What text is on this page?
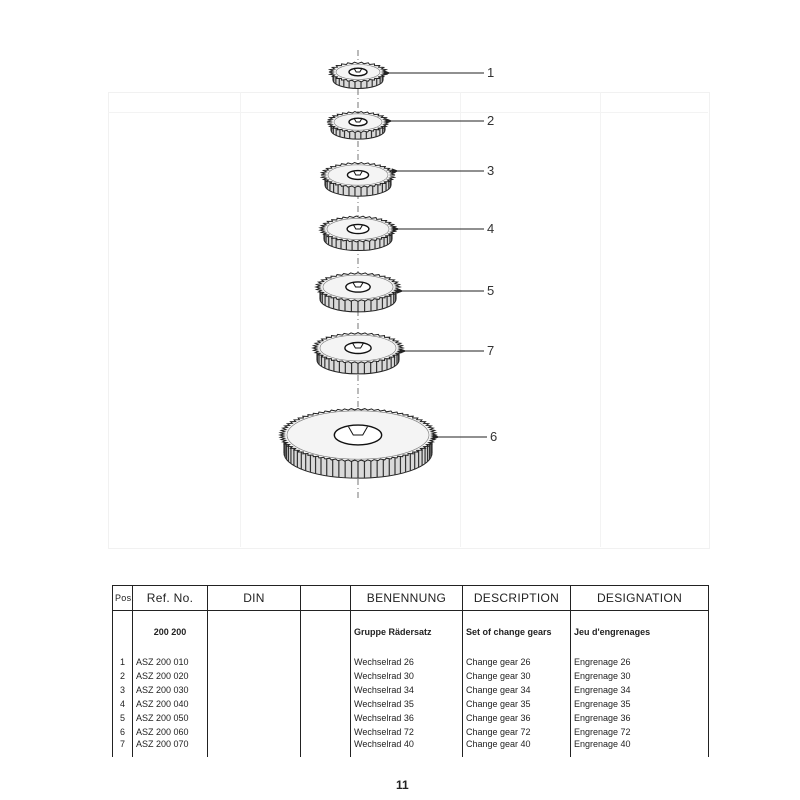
1
2
3
4
5
7
6
Pos.	Ref. No.	DIN		BENENNUNG	DESCRIPTION	DESIGNATION

	200 200			Gruppe Rädersatz	Set of change gears	Jeu d'engrenages

1	ASZ 200 010			Wechselrad 26	Change gear 26	Engrenage 26
2	ASZ 200 020			Wechselrad 30	Change gear 30	Engrenage 30
3	ASZ 200 030			Wechselrad 34	Change gear 34	Engrenage 34
4	ASZ 200 040			Wechselrad 35	Change gear 35	Engrenage 35
5	ASZ 200 050			Wechselrad 36	Change gear 36	Engrenage 36
6	ASZ 200 060			Wechselrad 72	Change gear 72	Engrenage 72
7	ASZ 200 070			Wechselrad 40	Change gear 40	Engrenage 40
11
